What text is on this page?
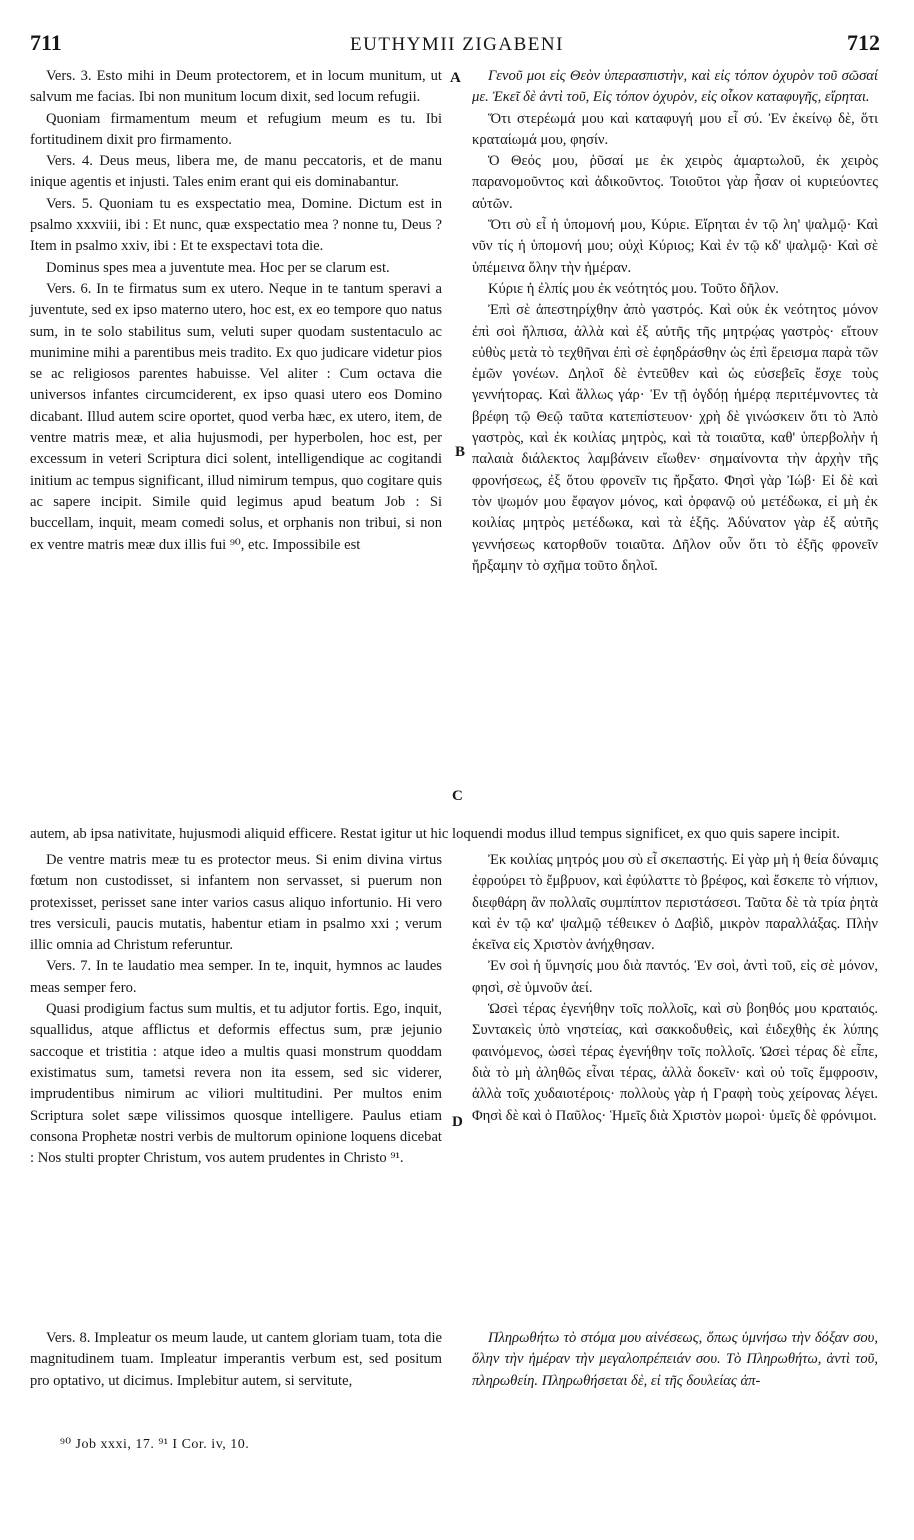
711	EUTHYMII ZIGABENI	712
A
B
C
D

Vers. 3. Esto mihi in Deum protectorem, et in locum munitum, ut salvum me facias. Ibi non munitum locum dixit, sed locum refugii.

Quoniam firmamentum meum et refugium meum es tu. Ibi fortitudinem dixit pro firmamento.

Vers. 4. Deus meus, libera me, de manu peccatoris, et de manu inique agentis et injusti. Tales enim erant qui eis dominabantur.

Vers. 5. Quoniam tu es exspectatio mea, Domine. Dictum est in psalmo xxxviii, ibi : Et nunc, quæ exspectatio mea ? nonne tu, Deus ? Item in psalmo xxiv, ibi : Et te exspectavi tota die.

Dominus spes mea a juventute mea. Hoc per se clarum est.

Vers. 6. In te firmatus sum ex utero. Neque in te tantum speravi a juventute, sed ex ipso materno utero, hoc est, ex eo tempore quo natus sum, in te solo stabilitus sum, veluti super quodam sustentaculo ac munimine mihi a parentibus meis tradito. Ex quo judicare videtur pios se ac religiosos parentes habuisse. Vel aliter : Cum octava die universos infantes circumciderent, ex ipso quasi utero eos Domino dicabant. Illud autem scire oportet, quod verba hæc, ex utero, item, de ventre matris meæ, et alia hujusmodi, per hyperbolen, hoc est, per excessum in veteri Scriptura dici solent, intelligendique ac cogitandi initium ac tempus significant, illud nimirum tempus, quo cogitare quis ac sapere incipit. Simile quid legimus apud beatum Job : Si buccellam, inquit, meam comedi solus, et orphanis non tribui, si non ex ventre matris meæ dux illis fui ⁹⁰, etc. Impossibile est

Γενοῦ μοι εἰς Θεὸν ὑπερασπιστὴν, καὶ εἰς τόπον ὀχυρὸν τοῦ σῶσαί με. Ἐκεῖ δὲ ἀντὶ τοῦ, Εἰς τόπον ὀχυρὸν, εἰς οἶκον καταφυγῆς, εἴρηται.

Ὅτι στερέωμά μου καὶ καταφυγή μου εἶ σύ. Ἐν ἐκείνῳ δὲ, ὅτι κραταίωμά μου, φησίν.

Ὁ Θεός μου, ῥῦσαί με ἐκ χειρὸς ἁμαρτωλοῦ, ἐκ χειρὸς παρανομοῦντος καὶ ἀδικοῦντος. Τοιοῦτοι γὰρ ἦσαν οἱ κυριεύοντες αὐτῶν.

Ὅτι σὺ εἶ ἡ ὑπομονή μου, Κύριε. Εἴρηται ἐν τῷ λη' ψαλμῷ· Καὶ νῦν τίς ἡ ὑπομονή μου; οὐχὶ Κύριος; Καὶ ἐν τῷ κδ' ψαλμῷ· Καὶ σὲ ὑπέμεινα ὅλην τὴν ἡμέραν.

Κύριε ἡ ἐλπίς μου ἐκ νεότητός μου. Τοῦτο δῆλον.

Ἐπὶ σὲ ἀπεστηρίχθην ἀπὸ γαστρός. Καὶ οὐκ ἐκ νεότητος μόνον ἐπὶ σοὶ ἤλπισα, ἀλλὰ καὶ ἐξ αὐτῆς τῆς μητρῴας γαστρὸς· εἴτουν εὐθὺς μετὰ τὸ τεχθῆναι ἐπὶ σὲ ἐφηδράσθην ὡς ἐπὶ ἔρεισμα παρὰ τῶν ἐμῶν γονέων. Δηλοῖ δὲ ἐντεῦθεν καὶ ὡς εὐσεβεῖς ἔσχε τοὺς γεννήτορας. Καὶ ἄλλως γάρ· Ἐν τῇ ὀγδόῃ ἡμέρᾳ περιτέμνοντες τὰ βρέφη τῷ Θεῷ ταῦτα κατεπίστευον· χρὴ δὲ γινώσκειν ὅτι τὸ Ἀπὸ γαστρὸς, καὶ ἐκ κοιλίας μητρὸς, καὶ τὰ τοιαῦτα, καθ' ὑπερβολὴν ἡ παλαιὰ διάλεκτος λαμβάνειν εἴωθεν· σημαίνοντα τὴν ἀρχὴν τῆς φρονήσεως, ἐξ ὅτου φρονεῖν τις ἤρξατο. Φησὶ γὰρ Ἰώβ· Εἰ δὲ καὶ τὸν ψωμόν μου ἔφαγον μόνος, καὶ ὀρφανῷ οὐ μετέδωκα, εἰ μὴ ἐκ κοιλίας μητρὸς μετέδωκα, καὶ τὰ ἑξῆς. Ἀδύνατον γὰρ ἐξ αὐτῆς γεννήσεως κατορθοῦν τοιαῦτα. Δῆλον οὖν ὅτι τὸ ἐξῆς φρονεῖν ἤρξαμην τὸ σχῆμα τοῦτο δηλοῖ.

autem, ab ipsa nativitate, hujusmodi aliquid efficere. Restat igitur ut hic loquendi modus illud tempus significet, ex quo quis sapere incipit.

De ventre matris meæ tu es protector meus. Si enim divina virtus fœtum non custodisset, si infantem non servasset, si puerum non protexisset, perisset sane inter varios casus aliquo infortunio. Hi vero tres versiculi, paucis mutatis, habentur etiam in psalmo xxi ; verum illic omnia ad Christum referuntur.

Vers. 7. In te laudatio mea semper. In te, inquit, hymnos ac laudes meas semper fero.

Quasi prodigium factus sum multis, et tu adjutor fortis. Ego, inquit, squallidus, atque afflictus et deformis effectus sum, præ jejunio saccoque et tristitia : atque ideo a multis quasi monstrum quoddam existimatus sum, tametsi revera non ita essem, sed sic viderer, imprudentibus nimirum ac viliori multitudini. Per multos enim Scriptura solet sæpe vilissimos quosque intelligere. Paulus etiam consona Prophetæ nostri verbis de multorum opinione loquens dicebat : Nos stulti propter Christum, vos autem prudentes in Christo ⁹¹.

Ἐκ κοιλίας μητρός μου σὺ εἶ σκεπαστής. Εἰ γὰρ μὴ ἡ θεία δύναμις ἐφρούρει τὸ ἔμβρυον, καὶ ἐφύλαττε τὸ βρέφος, καὶ ἔσκεπε τὸ νήπιον, διεφθάρη ἂν πολλαῖς συμπίπτον περιστάσεσι. Ταῦτα δὲ τὰ τρία ῥητὰ καὶ ἐν τῷ κα' ψαλμῷ τέθεικεν ὁ Δαβὶδ, μικρὸν παραλλάξας. Πλὴν ἐκεῖνα εἰς Χριστὸν ἀνήχθησαν.

Ἐν σοὶ ἡ ὕμνησίς μου διὰ παντός. Ἐν σοὶ, ἀντὶ τοῦ, εἰς σὲ μόνον, φησὶ, σὲ ὑμνοῦν ἀεί.

Ὡσεὶ τέρας ἐγενήθην τοῖς πολλοῖς, καὶ σὺ βοηθός μου κραταιός. Συντακεὶς ὑπὸ νηστείας, καὶ σακκοδυθεὶς, καὶ ἐιδεχθὴς ἐκ λύπης φαινόμενος, ὡσεὶ τέρας ἐγενήθην τοῖς πολλοῖς. Ὡσεὶ τέρας δὲ εἶπε, διὰ τὸ μὴ ἀληθῶς εἶναι τέρας, ἀλλὰ δοκεῖν· καὶ οὐ τοῖς ἔμφροσιν, ἀλλὰ τοῖς χυδαιοτέροις· πολλοὺς γὰρ ἡ Γραφὴ τοὺς χείρονας λέγει. Φησὶ δὲ καὶ ὁ Παῦλος· Ἡμεῖς διὰ Χριστὸν μωροὶ· ὑμεῖς δὲ φρόνιμοι.

Vers. 8. Impleatur os meum laude, ut cantem gloriam tuam, tota die magnitudinem tuam. Impleatur imperantis verbum est, sed positum pro optativo, ut dicimus. Implebitur autem, si servitute,

Πληρωθήτω τὸ στόμα μου αἰνέσεως, ὅπως ὑμνήσω τὴν δόξαν σου, ὅλην τὴν ἡμέραν τὴν μεγαλοπρέπειάν σου. Τὸ Πληρωθήτω, ἀντὶ τοῦ, πληρωθείη. Πληρωθήσεται δὲ, εἰ τῆς δουλείας ἀπ-

⁹⁰ Job xxxi, 17. ⁹¹ I Cor. iv, 10.
